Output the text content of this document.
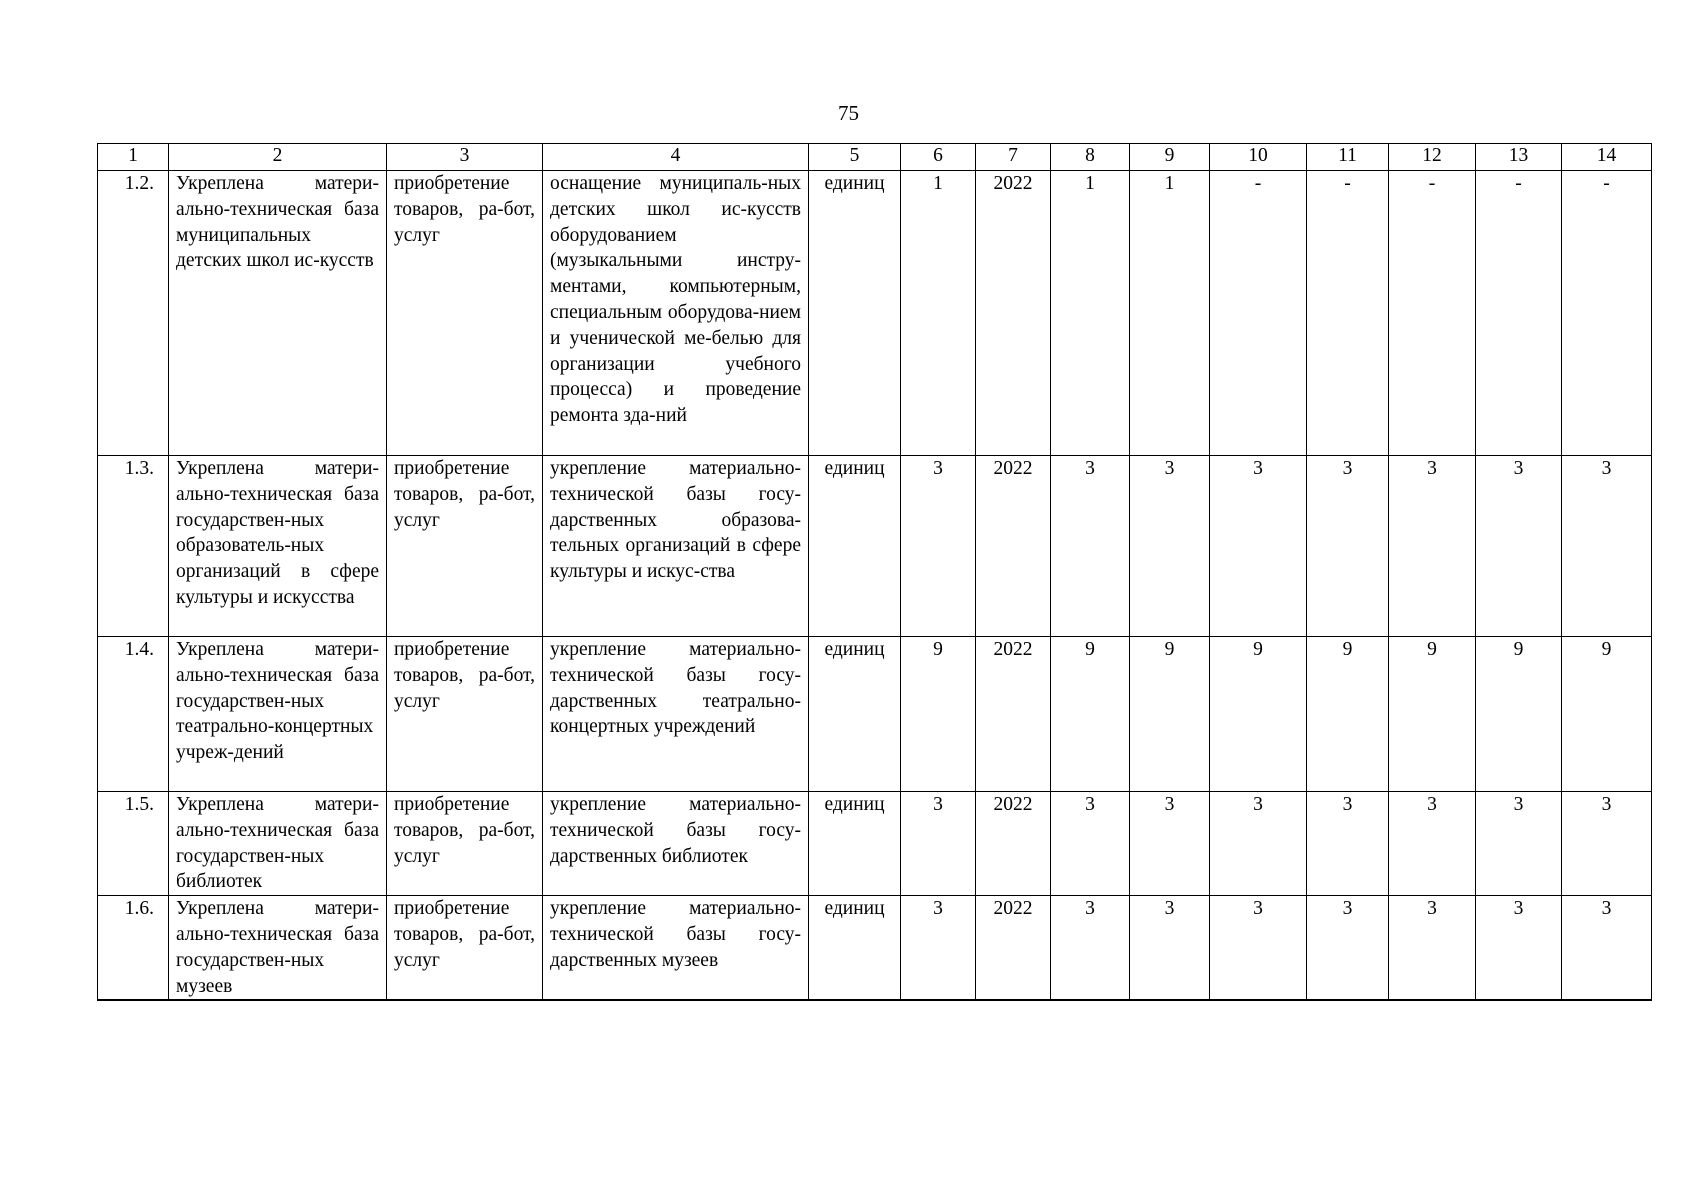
75
1	2	3	4	5	6	7	8	9	10	11	12	13	14
1.2.	Укреплена матери-ально-техническая база муниципальных детских школ ис-кусств	приобретение товаров, ра-бот, услуг	оснащение муниципаль-ных детских школ ис-кусств оборудованием (музыкальными инстру-ментами, компьютерным, специальным оборудова-нием и ученической ме-белью для организации учебного процесса) и проведение ремонта зда-ний	единиц	1	2022	1	1	-	-	-	-	-
1.3.	Укреплена матери-ально-техническая база государствен-ных образователь-ных организаций в сфере культуры и искусства	приобретение товаров, ра-бот, услуг	укрепление материально-технической базы госу-дарственных образова-тельных организаций в сфере культуры и искус-ства	единиц	3	2022	3	3	3	3	3	3	3
1.4.	Укреплена матери-ально-техническая база государствен-ных театрально-концертных учреж-дений	приобретение товаров, ра-бот, услуг	укрепление материально-технической базы госу-дарственных театрально-концертных учреждений	единиц	9	2022	9	9	9	9	9	9	9
1.5.	Укреплена матери-ально-техническая база государствен-ных библиотек	приобретение товаров, ра-бот, услуг	укрепление материально-технической базы госу-дарственных библиотек	единиц	3	2022	3	3	3	3	3	3	3
1.6.	Укреплена матери-ально-техническая база государствен-ных музеев	приобретение товаров, ра-бот, услуг	укрепление материально-технической базы госу-дарственных музеев	единиц	3	2022	3	3	3	3	3	3	3
